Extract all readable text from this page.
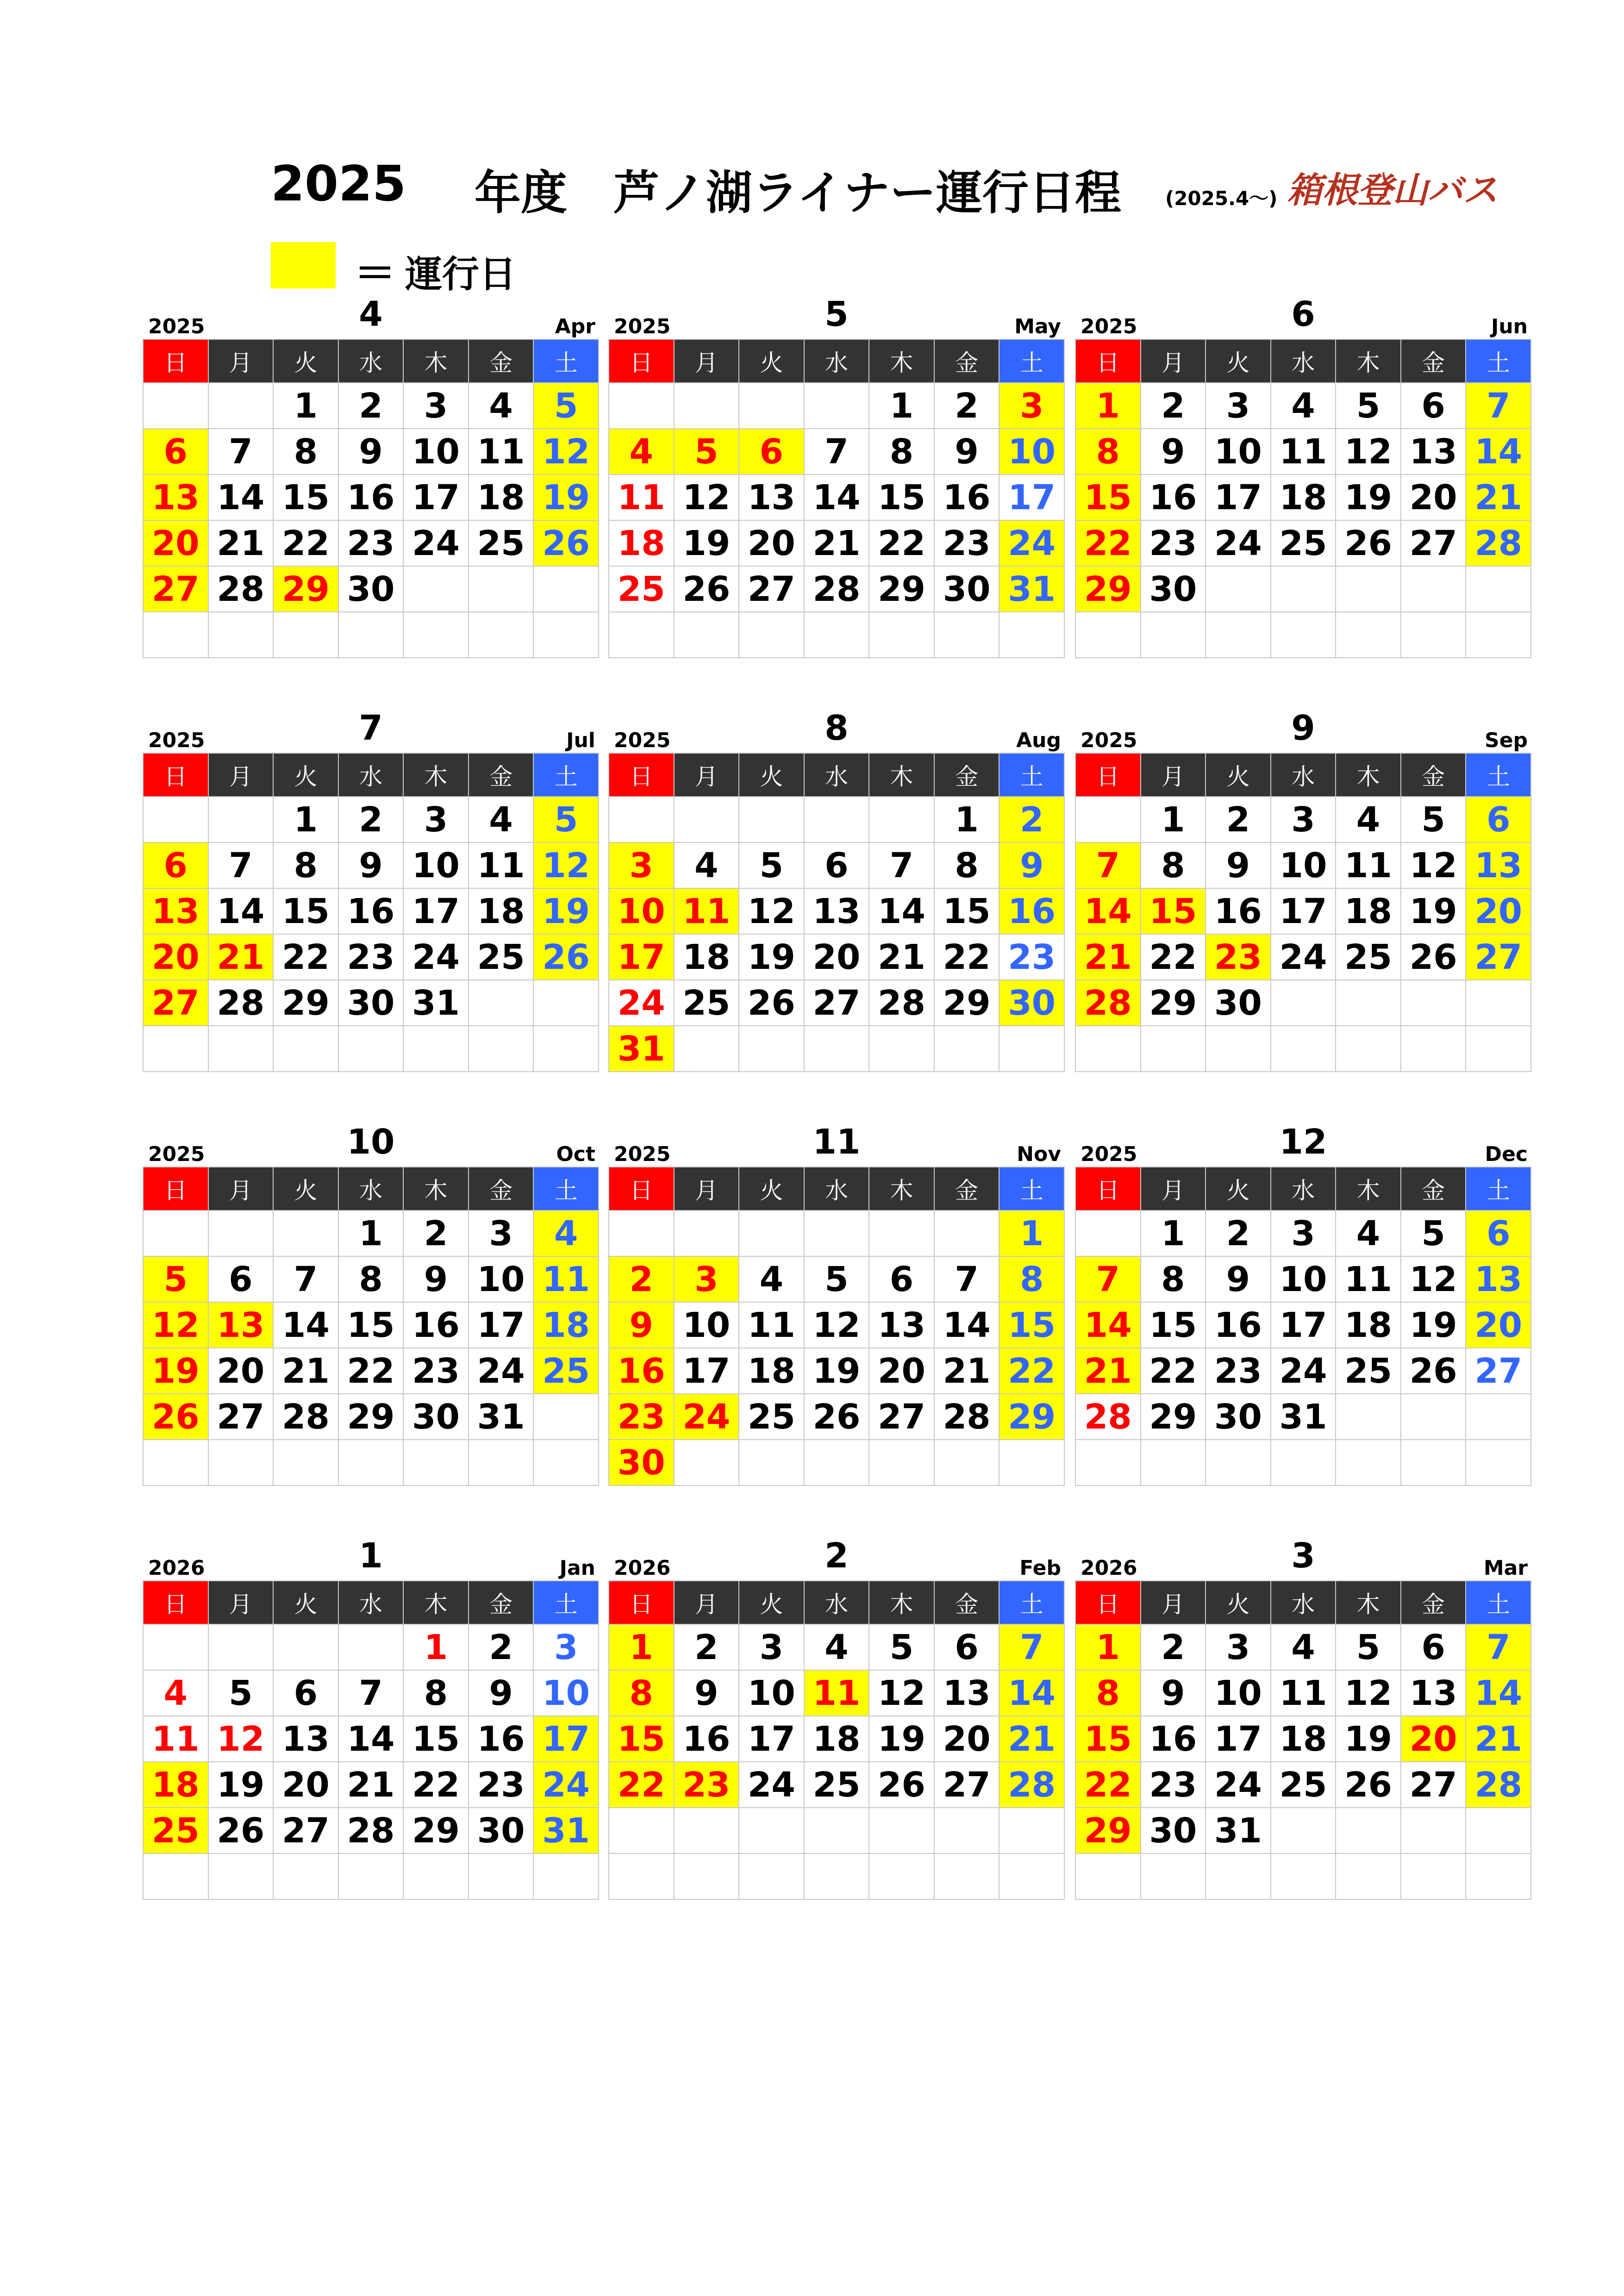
2025 年度　芦ノ湖ライナー運行日程 (2025.4～) 箱根登山バス
＝ 運行日
2025	4	Apr
日	月	火	水	木	金	土
		1	2	3	4	5
6	7	8	9	10	11	12
13	14	15	16	17	18	19
20	21	22	23	24	25	26
27	28	29	30			

2025	5	May
日	月	火	水	木	金	土
				1	2	3
4	5	6	7	8	9	10
11	12	13	14	15	16	17
18	19	20	21	22	23	24
25	26	27	28	29	30	31

2025	6	Jun
日	月	火	水	木	金	土
1	2	3	4	5	6	7
8	9	10	11	12	13	14
15	16	17	18	19	20	21
22	23	24	25	26	27	28
29	30					

2025	7	Jul
日	月	火	水	木	金	土
		1	2	3	4	5
6	7	8	9	10	11	12
13	14	15	16	17	18	19
20	21	22	23	24	25	26
27	28	29	30	31		

2025	8	Aug
日	月	火	水	木	金	土
					1	2
3	4	5	6	7	8	9
10	11	12	13	14	15	16
17	18	19	20	21	22	23
24	25	26	27	28	29	30
31						
2025	9	Sep
日	月	火	水	木	金	土
	1	2	3	4	5	6
7	8	9	10	11	12	13
14	15	16	17	18	19	20
21	22	23	24	25	26	27
28	29	30				

2025	10	Oct
日	月	火	水	木	金	土
			1	2	3	4
5	6	7	8	9	10	11
12	13	14	15	16	17	18
19	20	21	22	23	24	25
26	27	28	29	30	31	

2025	11	Nov
日	月	火	水	木	金	土
						1
2	3	4	5	6	7	8
9	10	11	12	13	14	15
16	17	18	19	20	21	22
23	24	25	26	27	28	29
30						
2025	12	Dec
日	月	火	水	木	金	土
	1	2	3	4	5	6
7	8	9	10	11	12	13
14	15	16	17	18	19	20
21	22	23	24	25	26	27
28	29	30	31			

2026	1	Jan
日	月	火	水	木	金	土
				1	2	3
4	5	6	7	8	9	10
11	12	13	14	15	16	17
18	19	20	21	22	23	24
25	26	27	28	29	30	31

2026	2	Feb
日	月	火	水	木	金	土
1	2	3	4	5	6	7
8	9	10	11	12	13	14
15	16	17	18	19	20	21
22	23	24	25	26	27	28

2026	3	Mar
日	月	火	水	木	金	土
1	2	3	4	5	6	7
8	9	10	11	12	13	14
15	16	17	18	19	20	21
22	23	24	25	26	27	28
29	30	31				
